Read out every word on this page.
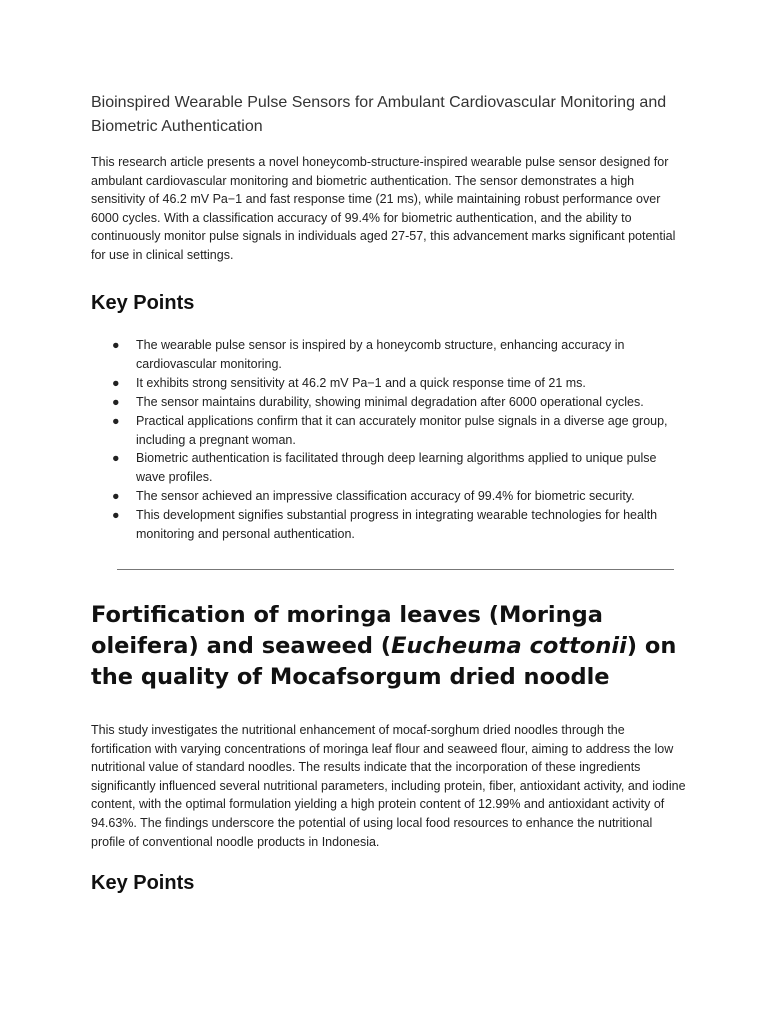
Bioinspired Wearable Pulse Sensors for Ambulant Cardiovascular Monitoring and Biometric Authentication

This research article presents a novel honeycomb-structure-inspired wearable pulse sensor designed for ambulant cardiovascular monitoring and biometric authentication. The sensor demonstrates a high sensitivity of 46.2 mV Pa−1 and fast response time (21 ms), while maintaining robust performance over 6000 cycles. With a classification accuracy of 99.4% for biometric authentication, and the ability to continuously monitor pulse signals in individuals aged 27-57, this advancement marks significant potential for use in clinical settings.

Key Points
●	The wearable pulse sensor is inspired by a honeycomb structure, enhancing accuracy in cardiovascular monitoring.
●	It exhibits strong sensitivity at 46.2 mV Pa−1 and a quick response time of 21 ms.
●	The sensor maintains durability, showing minimal degradation after 6000 operational cycles.
●	Practical applications confirm that it can accurately monitor pulse signals in a diverse age group, including a pregnant woman.
●	Biometric authentication is facilitated through deep learning algorithms applied to unique pulse wave profiles.
●	The sensor achieved an impressive classification accuracy of 99.4% for biometric security.
●	This development signifies substantial progress in integrating wearable technologies for health monitoring and personal authentication.
Fortification of moringa leaves (Moringa oleifera) and seaweed (Eucheuma cottonii) on the quality of Mocafsorgum dried noodle

This study investigates the nutritional enhancement of mocaf-sorghum dried noodles through the fortification with varying concentrations of moringa leaf flour and seaweed flour, aiming to address the low nutritional value of standard noodles. The results indicate that the incorporation of these ingredients significantly influenced several nutritional parameters, including protein, fiber, antioxidant activity, and iodine content, with the optimal formulation yielding a high protein content of 12.99% and antioxidant activity of 94.63%. The findings underscore the potential of using local food resources to enhance the nutritional profile of conventional noodle products in Indonesia.

Key Points
